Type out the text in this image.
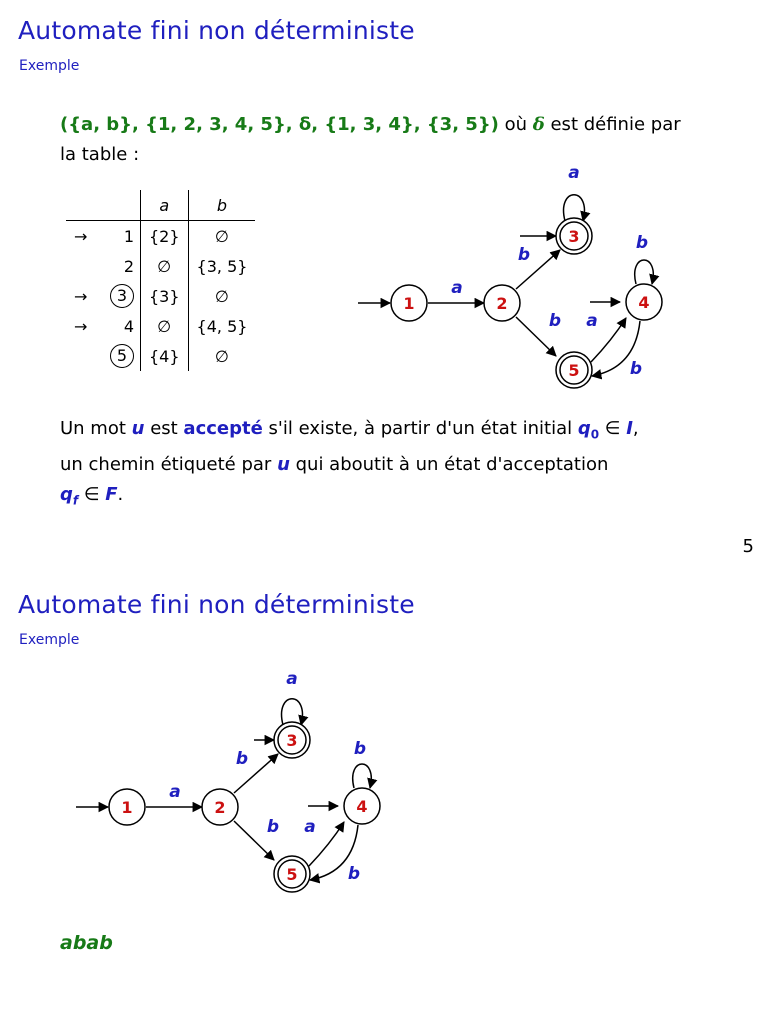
Automate fini non déterministe
Exemple
({a, b}, {1, 2, 3, 4, 5}, δ, {1, 3, 4}, {3, 5}) où δ est définie par
la table :
		a	b
→	1	{2}	∅
	2	∅	{3, 5}
→	3	{3}	∅
→	4	∅	{4, 5}
	5	{4}	∅
1	2
3
4
5
a
b
a
b a
b
b
Un mot u est accepté s'il existe, à partir d'un état initial $q_0$ ∈ I,
un chemin étiqueté par u qui aboutit à un état d'acceptation
$q_f$ ∈ F.
5
Automate fini non déterministe
Exemple
1	2
3
4
5
a
b
a
b a
b
b
abab
